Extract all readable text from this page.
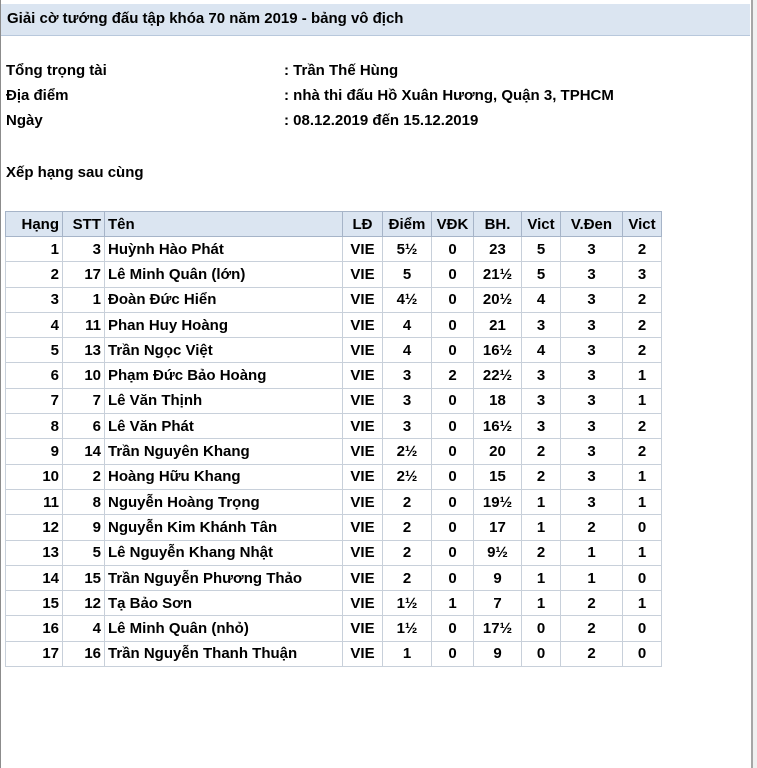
Giải cờ tướng đấu tập khóa 70 năm 2019 - bảng vô địch
Tổng trọng tài	: Trần Thế Hùng
Địa điểm	: nhà thi đấu Hồ Xuân Hương, Quận 3, TPHCM
Ngày	: 08.12.2019 đến 15.12.2019
Xếp hạng sau cùng
Hạng	STT	Tên	LĐ	Điểm	VĐK	BH.	Vict	V.Đen	Vict
1	3	Huỳnh Hào Phát	VIE	5½	0	23	5	3	2
2	17	Lê Minh Quân (lớn)	VIE	5	0	21½	5	3	3
3	1	Đoàn Đức Hiển	VIE	4½	0	20½	4	3	2
4	11	Phan Huy Hoàng	VIE	4	0	21	3	3	2
5	13	Trần Ngọc Việt	VIE	4	0	16½	4	3	2
6	10	Phạm Đức Bảo Hoàng	VIE	3	2	22½	3	3	1
7	7	Lê Văn Thịnh	VIE	3	0	18	3	3	1
8	6	Lê Văn Phát	VIE	3	0	16½	3	3	2
9	14	Trần Nguyên Khang	VIE	2½	0	20	2	3	2
10	2	Hoàng Hữu Khang	VIE	2½	0	15	2	3	1
11	8	Nguyễn Hoàng Trọng	VIE	2	0	19½	1	3	1
12	9	Nguyễn Kim Khánh Tân	VIE	2	0	17	1	2	0
13	5	Lê Nguyễn Khang Nhật	VIE	2	0	9½	2	1	1
14	15	Trần Nguyễn Phương Thảo	VIE	2	0	9	1	1	0
15	12	Tạ Bảo Sơn	VIE	1½	1	7	1	2	1
16	4	Lê Minh Quân (nhỏ)	VIE	1½	0	17½	0	2	0
17	16	Trần Nguyễn Thanh Thuận	VIE	1	0	9	0	2	0
